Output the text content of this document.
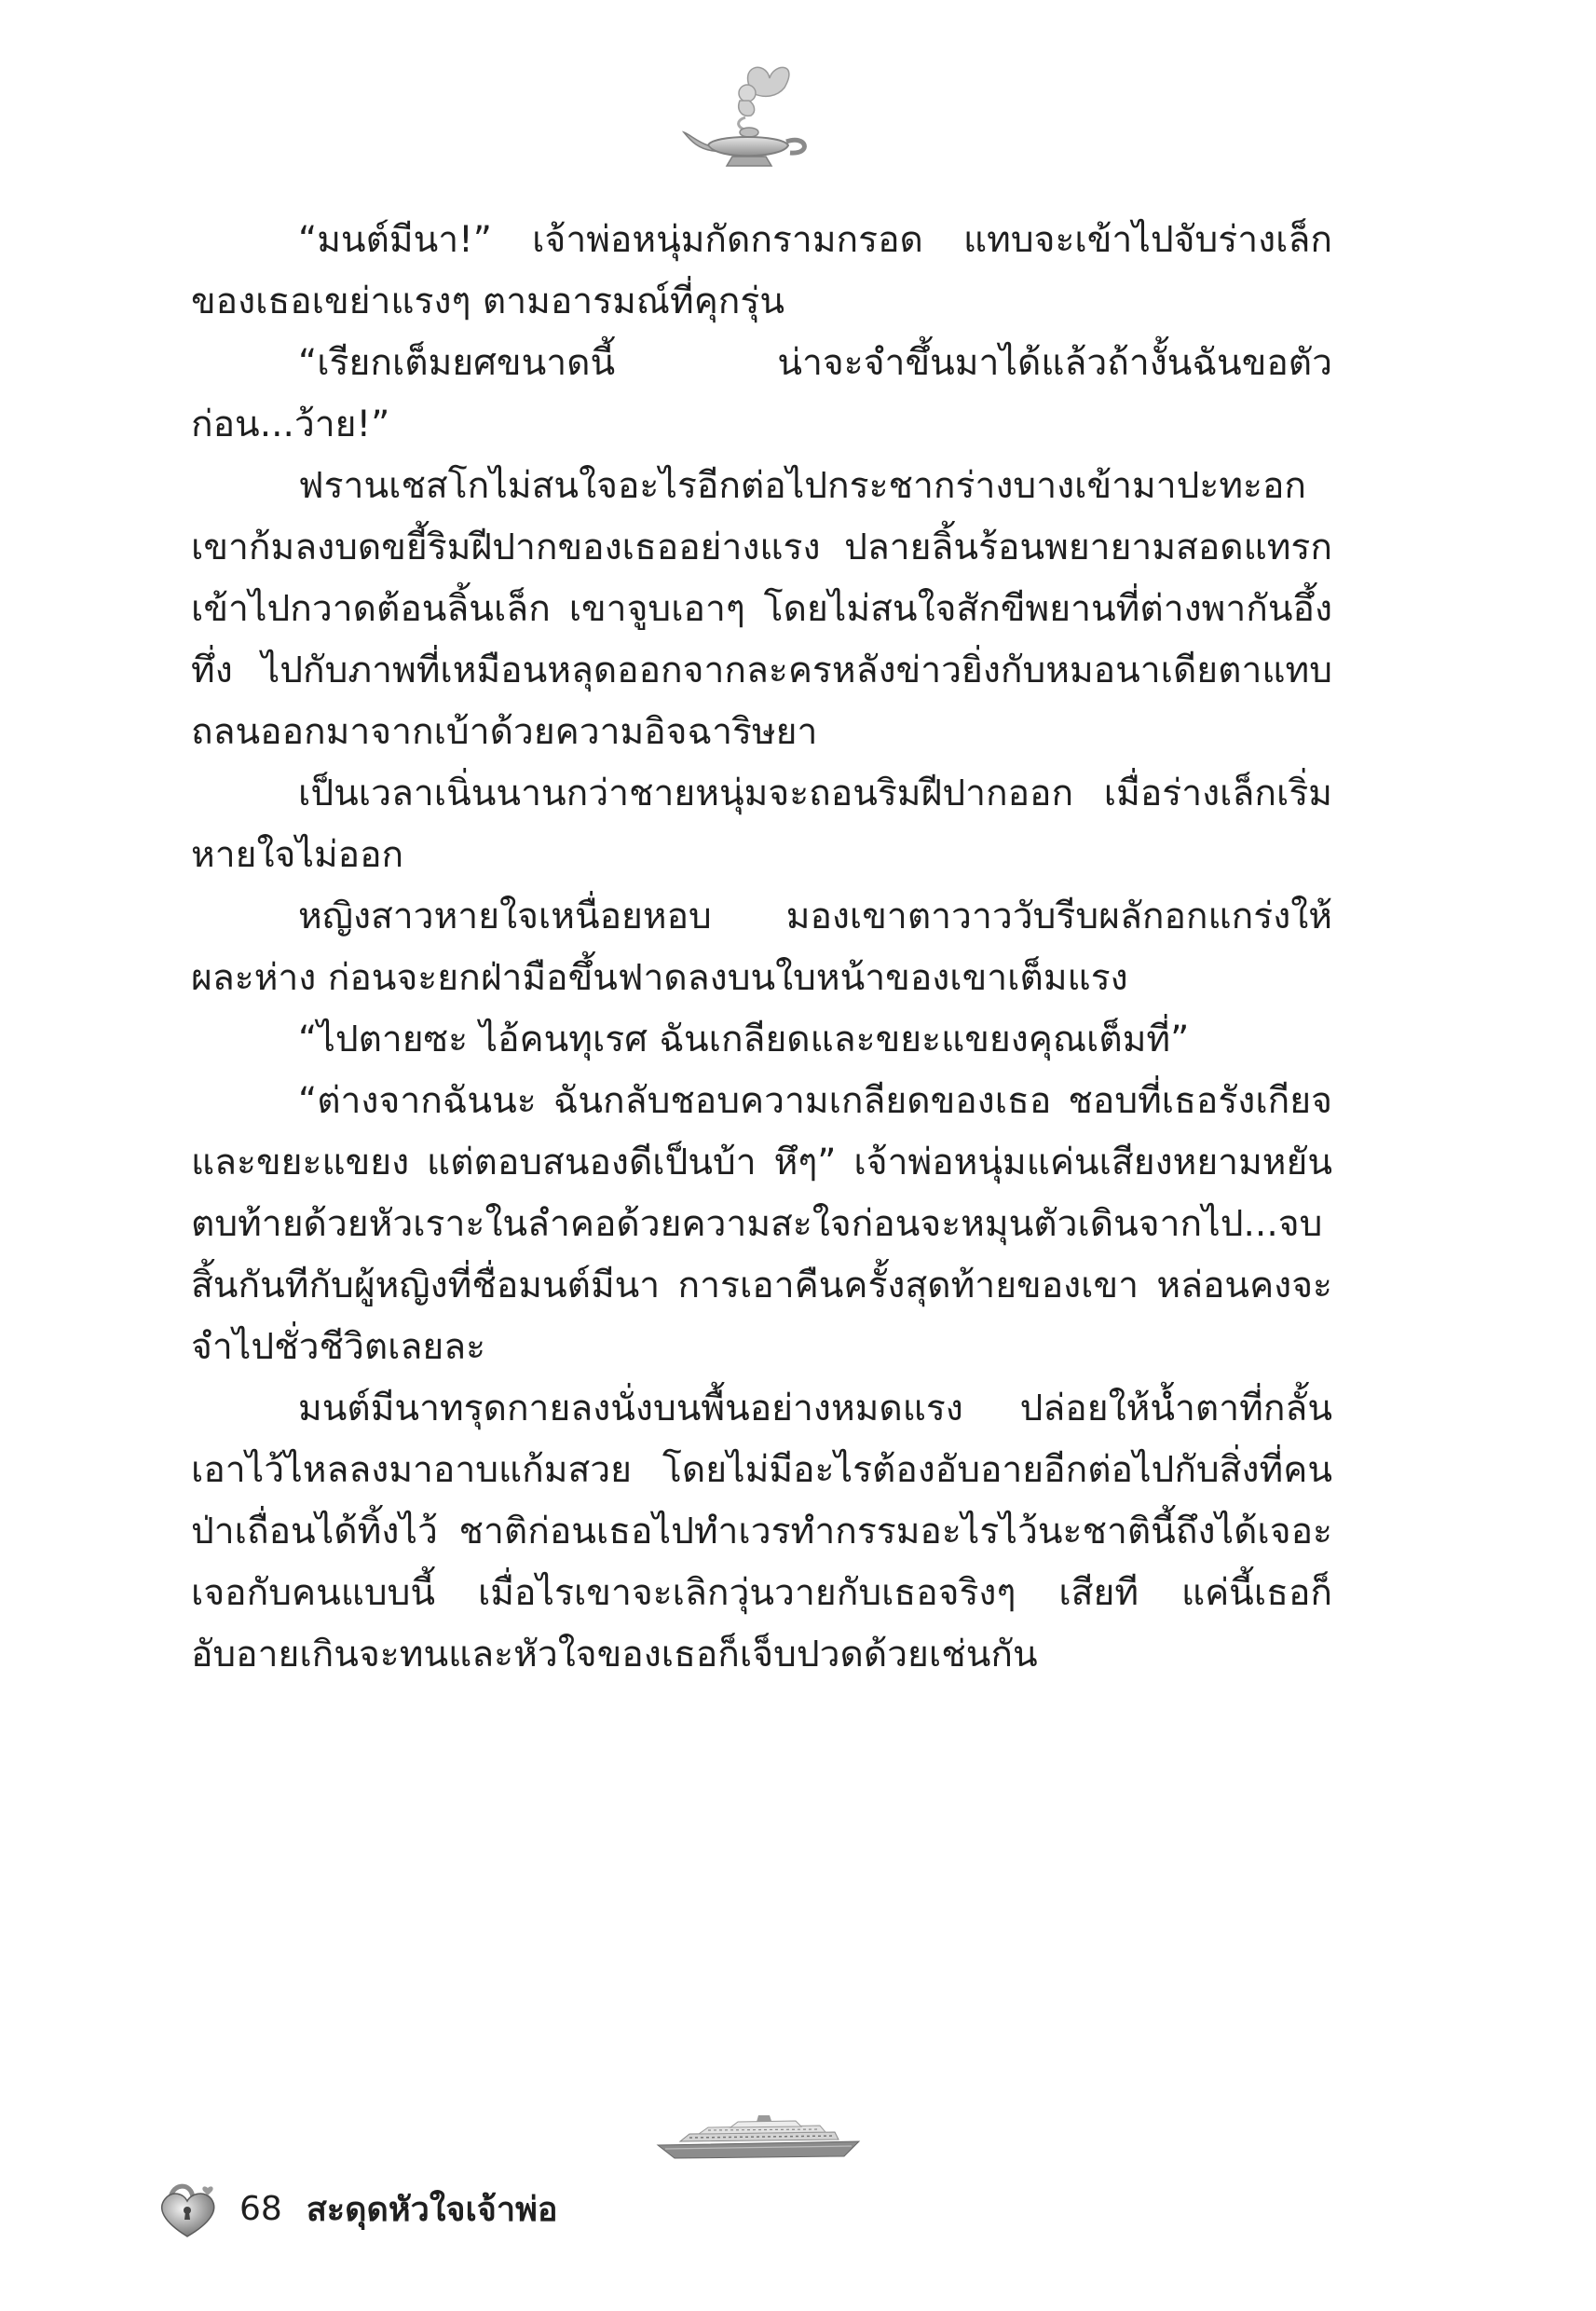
“มนต์มีนา!” เจ้าพ่อหนุ่มกัดกรามกรอด แทบจะเข้าไปจับร่างเล็กของเธอเขย่าแรงๆ ตามอารมณ์ที่คุกรุ่น

“เรียกเต็มยศขนาดนี้ น่าจะจำขึ้นมาได้แล้วถ้างั้นฉันขอตัวก่อน...ว้าย!”

ฟรานเชสโกไม่สนใจอะไรอีกต่อไปกระชากร่างบางเข้ามาปะทะอกเขาก้มลงบดขยี้ริมฝีปากของเธออย่างแรง ปลายลิ้นร้อนพยายามสอดแทรกเข้าไปกวาดต้อนลิ้นเล็ก เขาจูบเอาๆ โดยไม่สนใจสักขีพยานที่ต่างพากันอึ้ง ทึ่ง ไปกับภาพที่เหมือนหลุดออกจากละครหลังข่าวยิ่งกับหมอนาเดียตาแทบถลนออกมาจากเบ้าด้วยความอิจฉาริษยา

เป็นเวลาเนิ่นนานกว่าชายหนุ่มจะถอนริมฝีปากออก เมื่อร่างเล็กเริ่มหายใจไม่ออก

หญิงสาวหายใจเหนื่อยหอบ มองเขาตาวาววับรีบผลักอกแกร่งให้ผละห่าง ก่อนจะยกฝ่ามือขึ้นฟาดลงบนใบหน้าของเขาเต็มแรง

“ไปตายซะ ไอ้คนทุเรศ ฉันเกลียดและขยะแขยงคุณเต็มที่”

“ต่างจากฉันนะ ฉันกลับชอบความเกลียดของเธอ ชอบที่เธอรังเกียจและขยะแขยง แต่ตอบสนองดีเป็นบ้า หึๆ” เจ้าพ่อหนุ่มแค่นเสียงหยามหยัน ตบท้ายด้วยหัวเราะในลำคอด้วยความสะใจก่อนจะหมุนตัวเดินจากไป...จบสิ้นกันทีกับผู้หญิงที่ชื่อมนต์มีนา การเอาคืนครั้งสุดท้ายของเขา หล่อนคงจะจำไปชั่วชีวิตเลยละ

มนต์มีนาทรุดกายลงนั่งบนพื้นอย่างหมดแรง ปล่อยให้น้ำตาที่กลั้นเอาไว้ไหลลงมาอาบแก้มสวย โดยไม่มีอะไรต้องอับอายอีกต่อไปกับสิ่งที่คนป่าเถื่อนได้ทิ้งไว้ ชาติก่อนเธอไปทำเวรทำกรรมอะไรไว้นะชาตินี้ถึงได้เจอะเจอกับคนแบบนี้ เมื่อไรเขาจะเลิกวุ่นวายกับเธอจริงๆ เสียที แค่นี้เธอก็อับอายเกินจะทนและหัวใจของเธอก็เจ็บปวดด้วยเช่นกัน

68 สะดุดหัวใจเจ้าพ่อ
